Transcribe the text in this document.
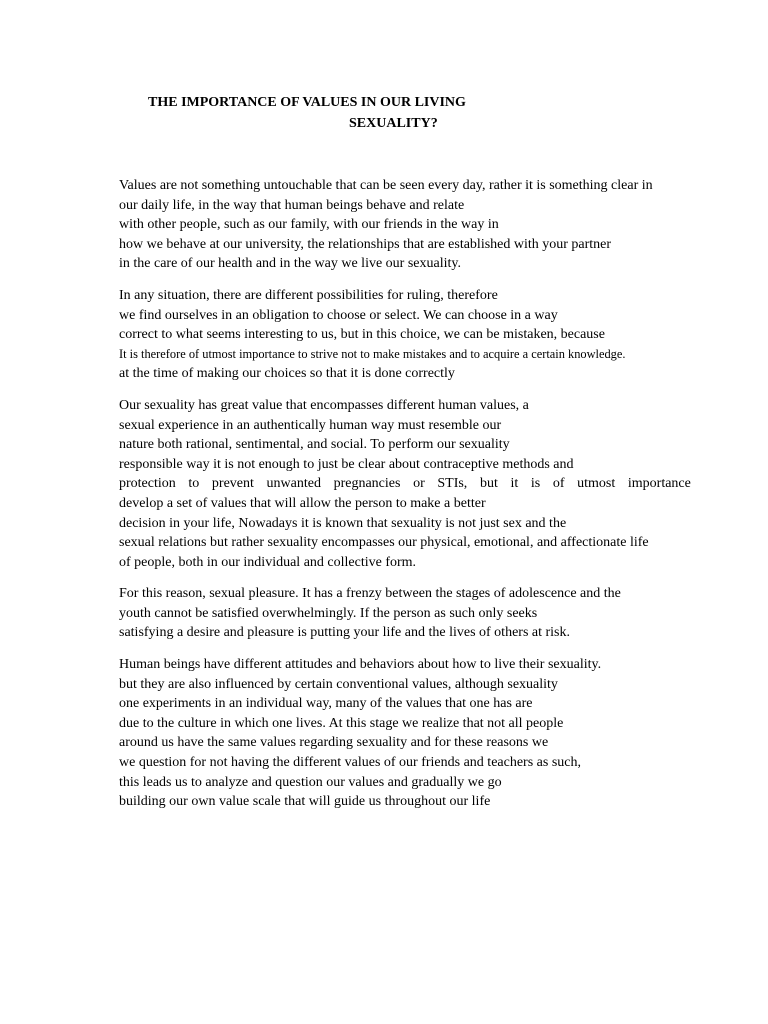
THE IMPORTANCE OF VALUES IN OUR LIVING
SEXUALITY?

Values are not something untouchable that can be seen every day, rather it is something clear in
our daily life, in the way that human beings behave and relate
with other people, such as our family, with our friends in the way in
how we behave at our university, the relationships that are established with your partner
in the care of our health and in the way we live our sexuality.

In any situation, there are different possibilities for ruling, therefore
we find ourselves in an obligation to choose or select. We can choose in a way
correct to what seems interesting to us, but in this choice, we can be mistaken, because
It is therefore of utmost importance to strive not to make mistakes and to acquire a certain knowledge.
at the time of making our choices so that it is done correctly

Our sexuality has great value that encompasses different human values, a
sexual experience in an authentically human way must resemble our
nature both rational, sentimental, and social. To perform our sexuality
responsible way it is not enough to just be clear about contraceptive methods and
protection to prevent unwanted pregnancies or STIs, but it is of utmost importance
develop a set of values that will allow the person to make a better
decision in your life, Nowadays it is known that sexuality is not just sex and the
sexual relations but rather sexuality encompasses our physical, emotional, and affectionate life
of people, both in our individual and collective form.

For this reason, sexual pleasure. It has a frenzy between the stages of adolescence and the
youth cannot be satisfied overwhelmingly. If the person as such only seeks
satisfying a desire and pleasure is putting your life and the lives of others at risk.

Human beings have different attitudes and behaviors about how to live their sexuality.
but they are also influenced by certain conventional values, although sexuality
one experiments in an individual way, many of the values that one has are
due to the culture in which one lives. At this stage we realize that not all people
around us have the same values regarding sexuality and for these reasons we
we question for not having the different values of our friends and teachers as such,
this leads us to analyze and question our values and gradually we go
building our own value scale that will guide us throughout our life
